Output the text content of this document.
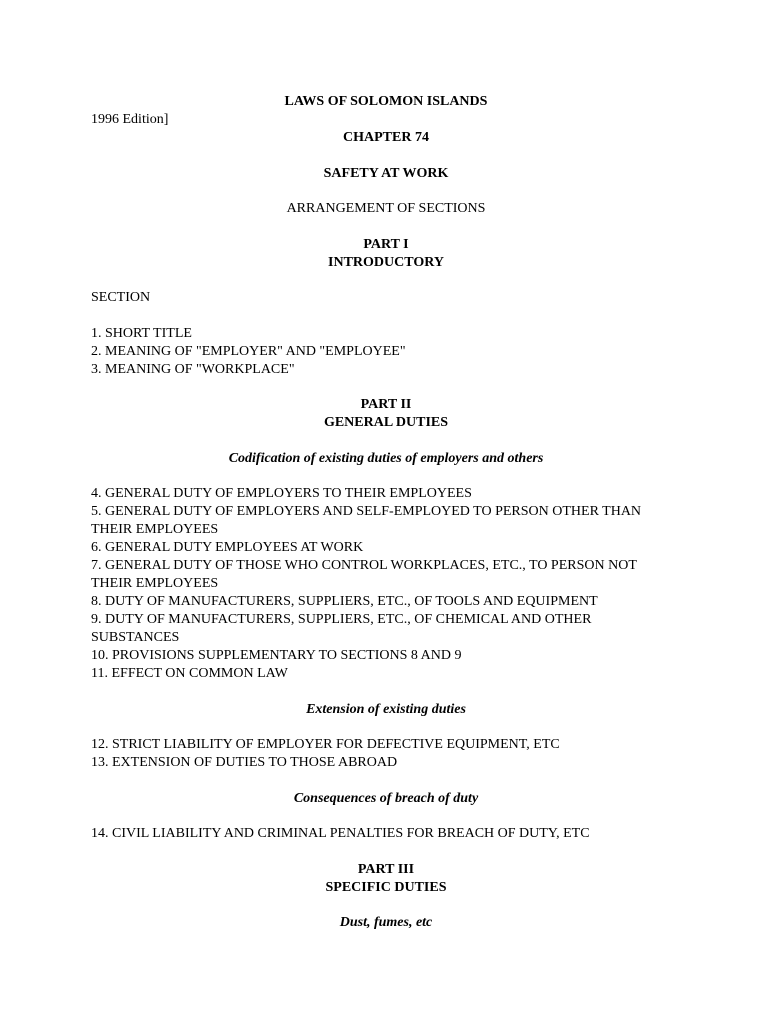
1996 Edition]
LAWS OF SOLOMON ISLANDS
CHAPTER 74
SAFETY AT WORK
ARRANGEMENT OF SECTIONS
PART I
INTRODUCTORY
SECTION
1. SHORT TITLE
2. MEANING OF "EMPLOYER" AND "EMPLOYEE"
3. MEANING OF "WORKPLACE"
PART II
GENERAL DUTIES
Codification of existing duties of employers and others
4. GENERAL DUTY OF EMPLOYERS TO THEIR EMPLOYEES
5. GENERAL DUTY OF EMPLOYERS AND SELF-EMPLOYED TO PERSON OTHER THAN THEIR EMPLOYEES
6. GENERAL DUTY EMPLOYEES AT WORK
7. GENERAL DUTY OF THOSE WHO CONTROL WORKPLACES, ETC., TO PERSON NOT THEIR EMPLOYEES
8. DUTY OF MANUFACTURERS, SUPPLIERS, ETC., OF TOOLS AND EQUIPMENT
9. DUTY OF MANUFACTURERS, SUPPLIERS, ETC., OF CHEMICAL AND OTHER SUBSTANCES
10. PROVISIONS SUPPLEMENTARY TO SECTIONS 8 AND 9
11. EFFECT ON COMMON LAW
Extension of existing duties
12. STRICT LIABILITY OF EMPLOYER FOR DEFECTIVE EQUIPMENT, ETC
13. EXTENSION OF DUTIES TO THOSE ABROAD
Consequences of breach of duty
14. CIVIL LIABILITY AND CRIMINAL PENALTIES FOR BREACH OF DUTY, ETC
PART III
SPECIFIC DUTIES
Dust, fumes, etc
